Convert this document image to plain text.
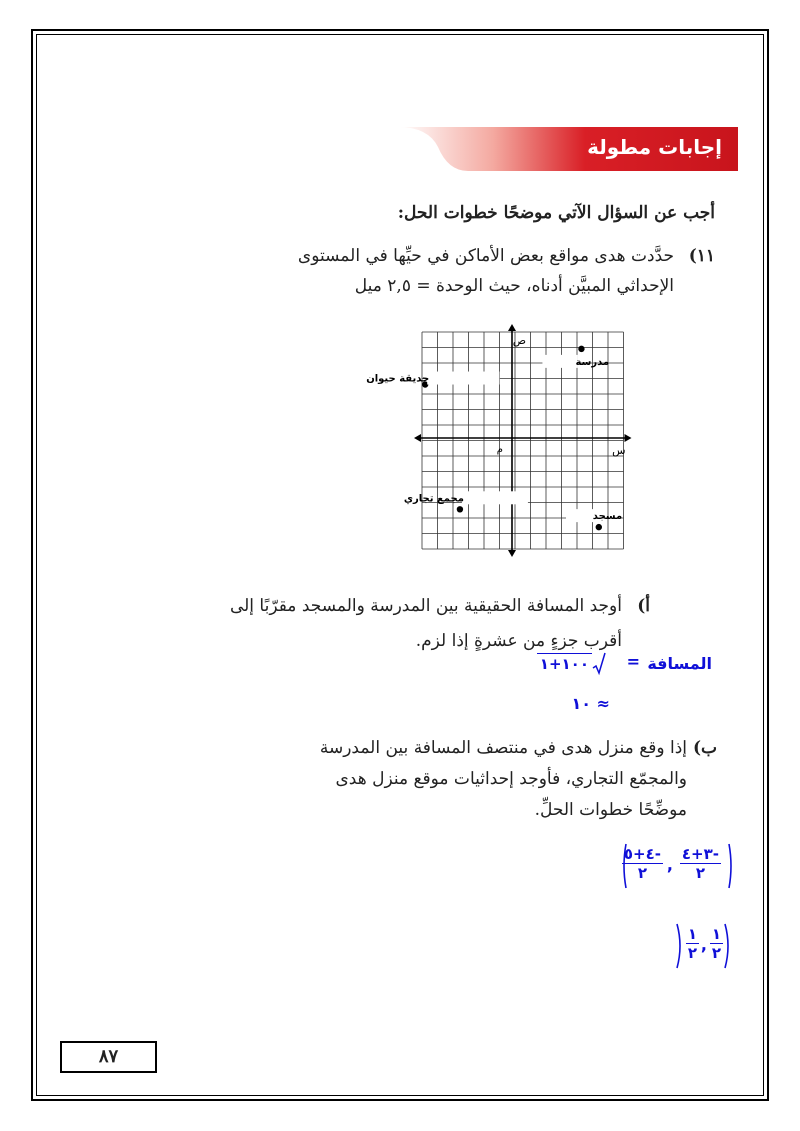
إجابات مطولة
أجب عن السؤال الآتي موضحًا خطوات الحل:
١١)
حدَّدت هدى مواقع بعض الأماكن في حيِّها في المستوى
الإحداثي المبيَّن أدناه، حيث الوحدة = ٢,٥ ميل
ص
س
م
مدرسة
حديقة حيوان
مجمع تجاري
مسجد
أ)
أوجد المسافة الحقيقية بين المدرسة والمسجد مقرّبًا إلى
أقرب جزءٍ من عشرةٍ إذا لزم.
المسافة
=
١٠٠+١
≈ ١٠
ب)
إذا وقع منزل هدى في منتصف المسافة بين المدرسة
والمجمّع التجاري، فأوجد إحداثيات موقع منزل هدى
موضِّحًا خطوات الحلِّ.
-٣+٤
٢
,
-٤+٥
٢
١
٢
,
١
٢
٨٧
